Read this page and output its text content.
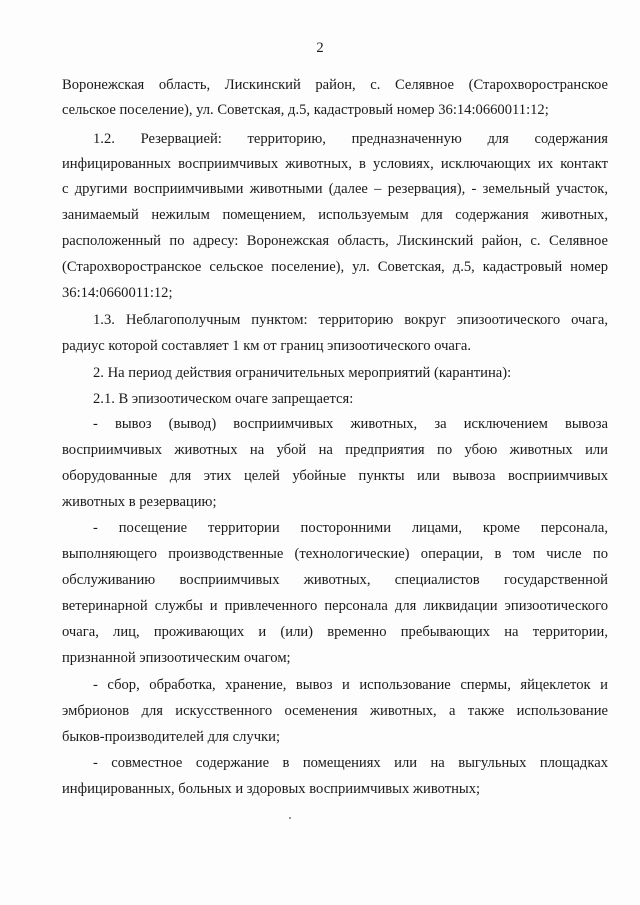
2
Воронежская область, Лискинский район, с. Селявное (Старохвоространское
сельское поселение), ул. Советская, д.5, кадастровый номер 36:14:0660011:12;
1.2. Резервацией: территорию, предназначенную для содержания
инфицированных восприимчивых животных, в условиях, исключающих их контакт
с другими восприимчивыми животными (далее – резервация), - земельный участок,
занимаемый нежилым помещением, используемым для содержания животных,
расположенный по адресу: Воронежская область, Лискинский район, с. Селявное
(Старохвоространское сельское поселение), ул. Советская, д.5, кадастровый номер
36:14:0660011:12;
1.3. Неблагополучным пунктом: территорию вокруг эпизоотического очага,
радиус которой составляет 1 км от границ эпизоотического очага.
2. На период действия ограничительных мероприятий (карантина):
2.1. В эпизоотическом очаге запрещается:
- вывоз (вывод) восприимчивых животных, за исключением вывоза
восприимчивых животных на убой на предприятия по убою животных или
оборудованные для этих целей убойные пункты или вывоза восприимчивых
животных в резервацию;
- посещение территории посторонними лицами, кроме персонала,
выполняющего производственные (технологические) операции, в том числе по
обслуживанию восприимчивых животных, специалистов государственной
ветеринарной службы и привлеченного персонала для ликвидации эпизоотического
очага, лиц, проживающих и (или) временно пребывающих на территории,
признанной эпизоотическим очагом;
- сбор, обработка, хранение, вывоз и использование спермы, яйцеклеток и
эмбрионов для искусственного осеменения животных, а также использование
быков-производителей для случки;
- совместное содержание в помещениях или на выгульных площадках
инфицированных, больных и здоровых восприимчивых животных;
